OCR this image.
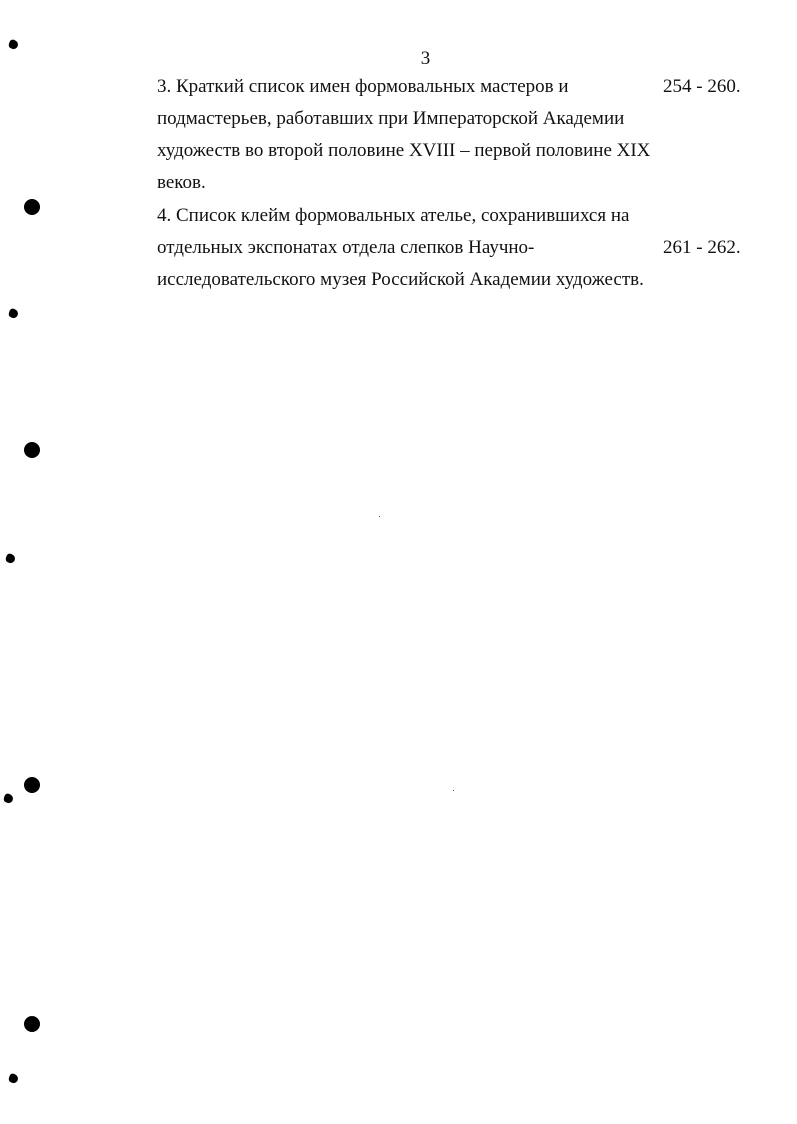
3
3. Краткий список имен формовальных мастеров и	254 - 260.
подмастерьев, работавших при Императорской Академии
художеств во второй половине XVIII – первой половине XIX
веков.
4. Список клейм формовальных ателье, сохранившихся на
отдельных экспонатах отдела слепков Научно-	261 - 262.
исследовательского музея Российской Академии художеств.
